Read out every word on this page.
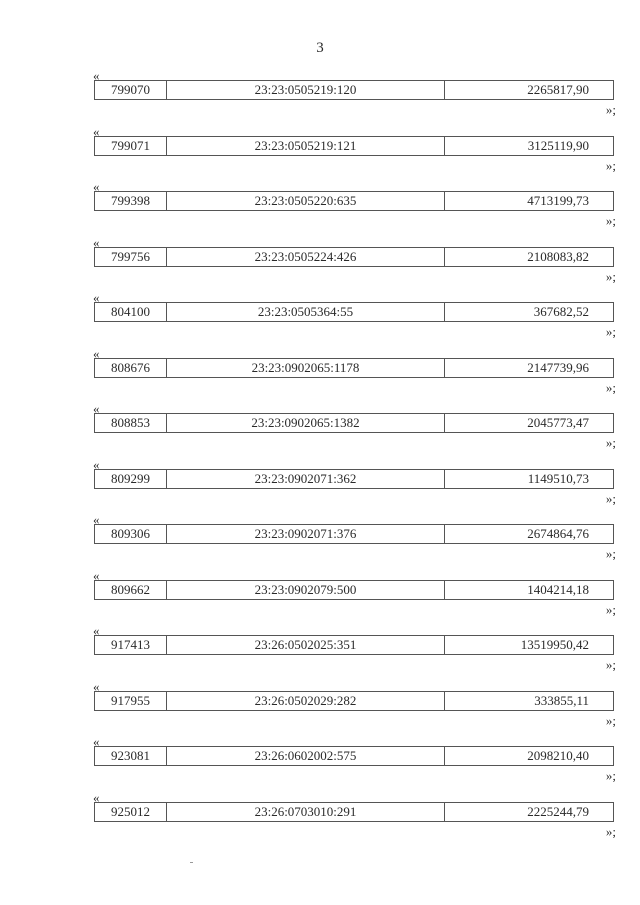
3
«
799070	23:23:0505219:120	2265817,90
»;
«
799071	23:23:0505219:121	3125119,90
»;
«
799398	23:23:0505220:635	4713199,73
»;
«
799756	23:23:0505224:426	2108083,82
»;
«
804100	23:23:0505364:55	367682,52
»;
«
808676	23:23:0902065:1178	2147739,96
»;
«
808853	23:23:0902065:1382	2045773,47
»;
«
809299	23:23:0902071:362	1149510,73
»;
«
809306	23:23:0902071:376	2674864,76
»;
«
809662	23:23:0902079:500	1404214,18
»;
«
917413	23:26:0502025:351	13519950,42
»;
«
917955	23:26:0502029:282	333855,11
»;
«
923081	23:26:0602002:575	2098210,40
»;
«
925012	23:26:0703010:291	2225244,79
»;
